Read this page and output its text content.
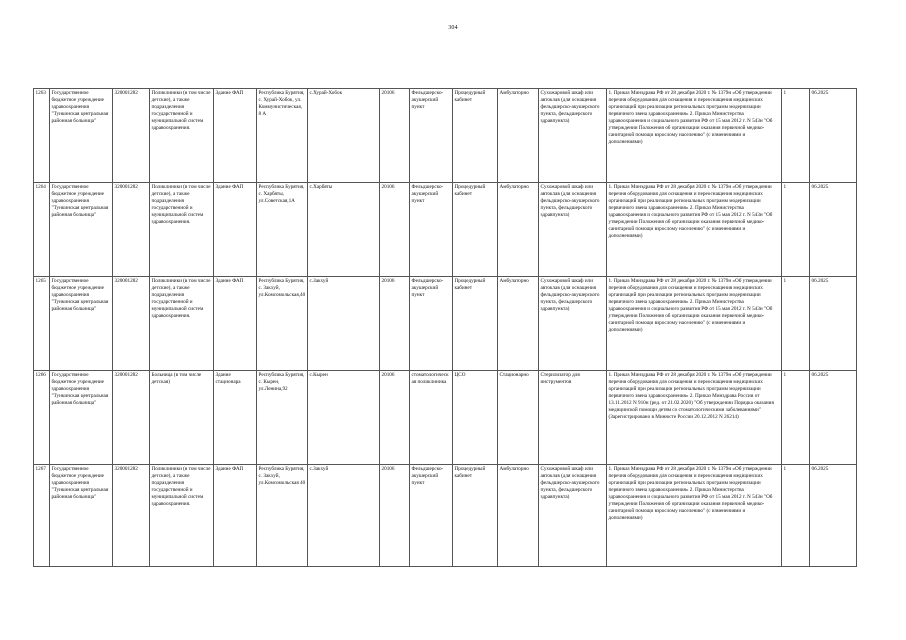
304
1263	Государственное бюджетное учреждение здравоохранения "Тункинская центральная районная больница"	320001282	Поликлиники (в том числе детские), а также подразделения государственной и муниципальной систем здравоохранения.	Здание ФАП	Республика Бурятия, с. Хурай-Хобок, ул. Коммунистическая, 8 А	с.Хурай-Хобок	20106	Фельдшерско-акушерский пункт	Процедурный кабинет	Амбулаторно	Сухожаровой шкаф или автоклав (для оснащения фельдшерско-акушерского пункта, фельдшерского здравпункта)	1. Приказ Минздрава РФ от 28 декабря 2020 г. № 1379н «Об утверждении перечня оборудования для оснащения и переоснащения медицинских организаций при реализации региональных программ модернизации первичного звена здравоохранения» 2. Приказ Министерства здравоохранения и социального развития РФ от 15 мая 2012 г. N 543н "Об утверждении Положения об организации оказания первичной медико-санитарной помощи взрослому населению" (с изменениями и дополнениями)	1	06.2025
1264	Государственное бюджетное учреждение здравоохранения "Тункинская центральная районная больница"	320001282	Поликлиники (в том числе детские), а также подразделения государственной и муниципальной систем здравоохранения.	Здание ФАП	Республика Бурятия, с. Харбяты, ул.Советская,1А	с.Харбяты	20106	Фельдшерско-акушерский пункт	Процедурный кабинет	Амбулаторно	Сухожаровой шкаф или автоклав (для оснащения фельдшерско-акушерского пункта, фельдшерского здравпункта)	1. Приказ Минздрава РФ от 28 декабря 2020 г. № 1379н «Об утверждении перечня оборудования для оснащения и переоснащения медицинских организаций при реализации региональных программ модернизации первичного звена здравоохранения» 2. Приказ Министерства здравоохранения и социального развития РФ от 15 мая 2012 г. N 543н "Об утверждении Положения об организации оказания первичной медико-санитарной помощи взрослому населению" (с изменениями и дополнениями)	1	06.2025
1265	Государственное бюджетное учреждение здравоохранения "Тункинская центральная районная больница"	320001282	Поликлиники (в том числе детские), а также подразделения государственной и муниципальной систем здравоохранения.	Здание ФАП	Республика Бурятия, с. Закхуй, ул.Комсомольская,40	с.Закхуй	20106	Фельдшерско-акушерский пункт	Процедурный кабинет	Амбулаторно	Сухожаровой шкаф или автоклав (для оснащения фельдшерско-акушерского пункта, фельдшерского здравпункта)	1. Приказ Минздрава РФ от 28 декабря 2020 г. № 1379н «Об утверждении перечня оборудования для оснащения и переоснащения медицинских организаций при реализации региональных программ модернизации первичного звена здравоохранения» 2. Приказ Министерства здравоохранения и социального развития РФ от 15 мая 2012 г. N 543н "Об утверждении Положения об организации оказания первичной медико-санитарной помощи взрослому населению" (с изменениями и дополнениями)	1	06.2025
1266	Государственное бюджетное учреждение здравоохранения "Тункинская центральная районная больница"	320001282	Больница (в том числе детская)	Здание стационара	Республика Бурятия, с. Кырен, ул.Ленина,92	с.Кырен	20106	стоматологическая поликлиника	ЦСО	Стационарно	Стерилизатор для инструментов	1. Приказ Минздрава РФ от 28 декабря 2020 г. № 1379н «Об утверждении перечня оборудования для оснащения и переоснащения медицинских организаций при реализации региональных программ модернизации первичного звена здравоохранения» 2. Приказ Минздрава России от 13.11.2012 N 910н (ред. от 21.02.2020) "Об утверждении Порядка оказания медицинской помощи детям со стоматологическими заболеваниями" (Зарегистрировано в Минюсте России 20.12.2012 N 26214)	1	06.2025
1267	Государственное бюджетное учреждение здравоохранения "Тункинская центральная районная больница"	320001282	Поликлиники (в том числе детские), а также подразделения государственной и муниципальной систем здравоохранения.	Здание ФАП	Республика Бурятия, с. Закхуй, ул.Комсомольская 40	с.Закхуй	20106	Фельдшерско-акушерский пункт	Процедурный кабинет	Амбулаторно	Сухожаровой шкаф или автоклав (для оснащения фельдшерско-акушерского пункта, фельдшерского здравпункта)	1. Приказ Минздрава РФ от 28 декабря 2020 г. № 1379н «Об утверждении перечня оборудования для оснащения и переоснащения медицинских организаций при реализации региональных программ модернизации первичного звена здравоохранения» 2. Приказ Министерства здравоохранения и социального развития РФ от 15 мая 2012 г. N 543н "Об утверждении Положения об организации оказания первичной медико-санитарной помощи взрослому населению" (с изменениями и дополнениями)	1	06.2025
